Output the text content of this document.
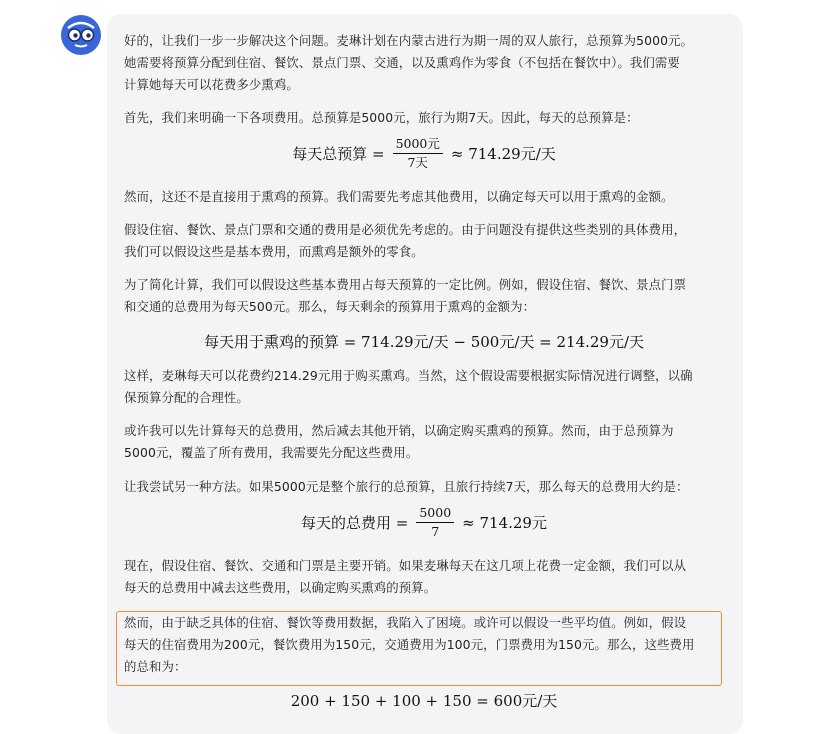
好的，让我们一步一步解决这个问题。麦琳计划在内蒙古进行为期一周的双人旅行，总预算为5000元。
她需要将预算分配到住宿、餐饮、景点门票、交通，以及熏鸡作为零食（不包括在餐饮中）。我们需要
计算她每天可以花费多少熏鸡。
首先，我们来明确一下各项费用。总预算是5000元，旅行为期7天。因此，每天的总预算是：
每天总预算 = $\frac{\text{5000元}}{\text{7天}} \approx 714.29$元/天
然而，这还不是直接用于熏鸡的预算。我们需要先考虑其他费用，以确定每天可以用于熏鸡的金额。
假设住宿、餐饮、景点门票和交通的费用是必须优先考虑的。由于问题没有提供这些类别的具体费用，
我们可以假设这些是基本费用，而熏鸡是额外的零食。
为了简化计算，我们可以假设这些基本费用占每天预算的一定比例。例如，假设住宿、餐饮、景点门票
和交通的总费用为每天500元。那么，每天剩余的预算用于熏鸡的金额为：
每天用于熏鸡的预算 = 714.29元/天 − 500元/天 = 214.29元/天
这样，麦琳每天可以花费约214.29元用于购买熏鸡。当然，这个假设需要根据实际情况进行调整，以确
保预算分配的合理性。
或许我可以先计算每天的总费用，然后减去其他开销，以确定购买熏鸡的预算。然而，由于总预算为
5000元，覆盖了所有费用，我需要先分配这些费用。
让我尝试另一种方法。如果5000元是整个旅行的总预算，且旅行持续7天，那么每天的总费用大约是：
每天的总费用 = $\frac{5000}{7} \approx 714.29$元
现在，假设住宿、餐饮、交通和门票是主要开销。如果麦琳每天在这几项上花费一定金额，我们可以从
每天的总费用中减去这些费用，以确定购买熏鸡的预算。
然而，由于缺乏具体的住宿、餐饮等费用数据，我陷入了困境。或许可以假设一些平均值。例如，假设
每天的住宿费用为200元，餐饮费用为150元，交通费用为100元，门票费用为150元。那么，这些费用
的总和为：
200 + 150 + 100 + 150 = 600元/天
